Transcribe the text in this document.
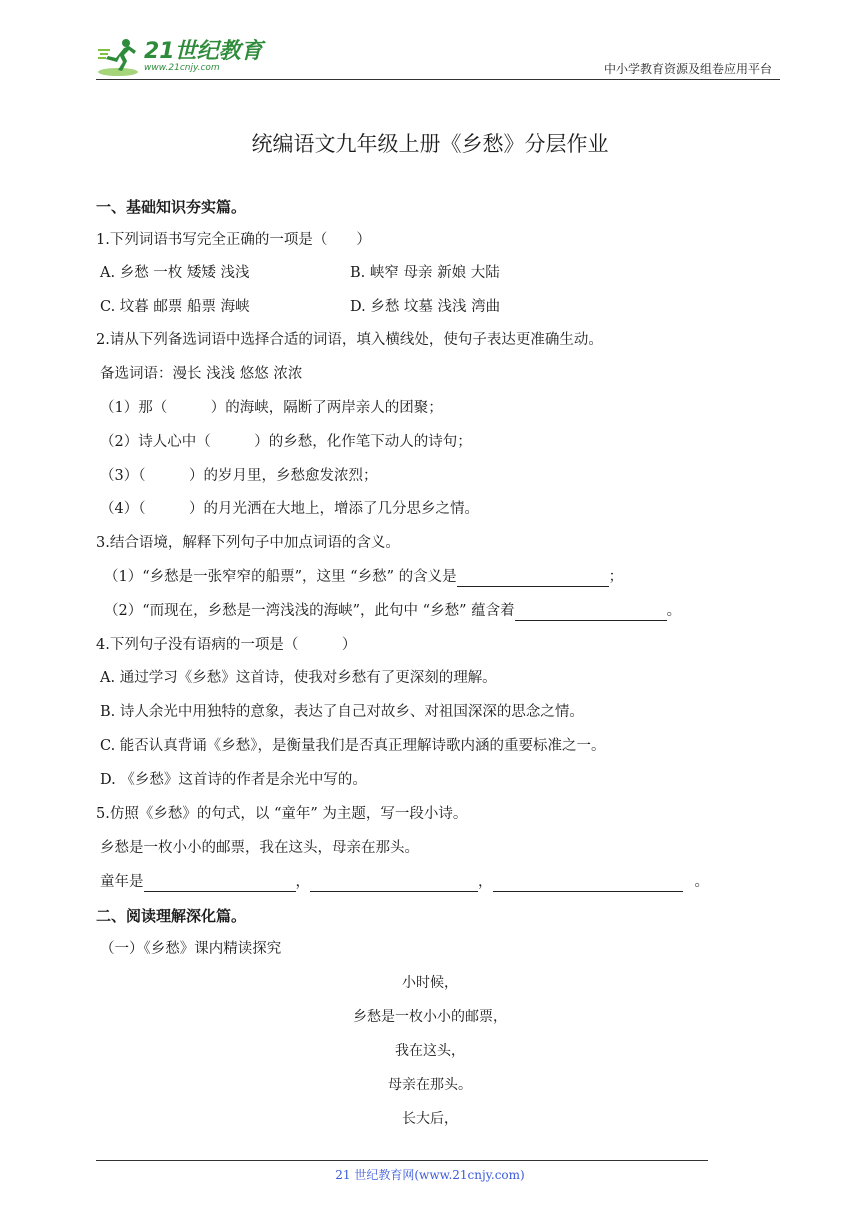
21世纪教育
www.21cnjy.com	中小学教育资源及组卷应用平台
统编语文九年级上册《乡愁》分层作业
一、基础知识夯实篇。
1.下列词语书写完全正确的一项是（　　）
A. 乡愁 一枚 矮矮 浅浅	B. 峡窄 母亲 新娘 大陆
C. 坟暮 邮票 船票 海峡	D. 乡愁 坟墓 浅浅 湾曲
2.请从下列备选词语中选择合适的词语，填入横线处，使句子表达更准确生动。
备选词语：漫长 浅浅 悠悠 浓浓
（1）那（　　　）的海峡，隔断了两岸亲人的团聚；
（2）诗人心中（　　　）的乡愁，化作笔下动人的诗句；
（3）（　　　）的岁月里，乡愁愈发浓烈；
（4）（　　　）的月光洒在大地上，增添了几分思乡之情。
3.结合语境，解释下列句子中加点词语的含义。
4.下列句子没有语病的一项是（　　　）
A. 通过学习《乡愁》这首诗，使我对乡愁有了更深刻的理解。
B. 诗人余光中用独特的意象，表达了自己对故乡、对祖国深深的思念之情。
C. 能否认真背诵《乡愁》，是衡量我们是否真正理解诗歌内涵的重要标准之一。
D. 《乡愁》这首诗的作者是余光中写的。
5.仿照《乡愁》的句式，以 “童年” 为主题，写一段小诗。
乡愁是一枚小小的邮票，我在这头，母亲在那头。
二、阅读理解深化篇。
（一）《乡愁》课内精读探究
（1）“乡愁是一张窄窄的船票”，这里 “乡愁” 的含义是	；
（2）“而现在，乡愁是一湾浅浅的海峡”，此句中 “乡愁” 蕴含着	。
童年是	，	，	。
小时候，
乡愁是一枚小小的邮票，
我在这头，
母亲在那头。
长大后，
21 世纪教育网(www.21cnjy.com)
